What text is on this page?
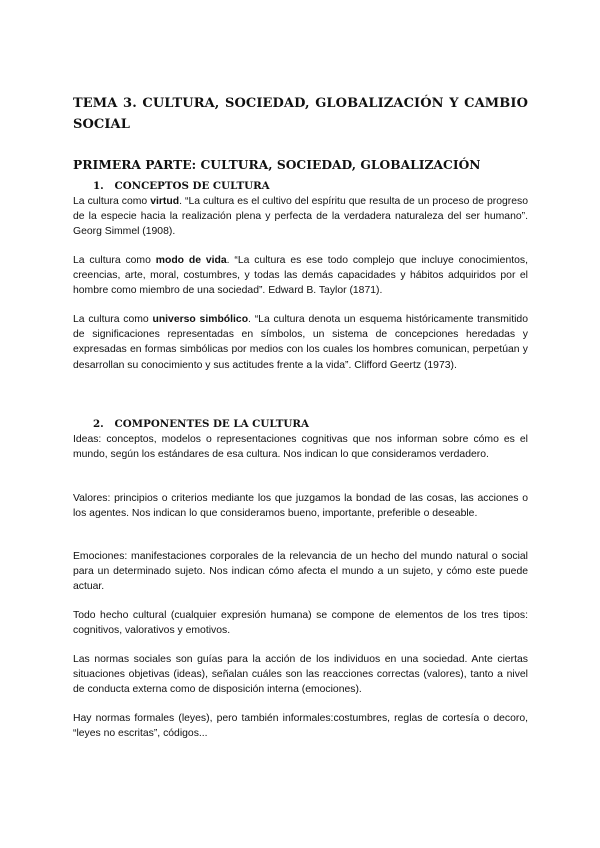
TEMA 3. CULTURA, SOCIEDAD, GLOBALIZACIÓN Y CAMBIO SOCIAL
PRIMERA PARTE: CULTURA, SOCIEDAD, GLOBALIZACIÓN
1. CONCEPTOS DE CULTURA

La cultura como virtud. “La cultura es el cultivo del espíritu que resulta de un proceso de progreso de la especie hacia la realización plena y perfecta de la verdadera naturaleza del ser humano”. Georg Simmel (1908).

La cultura como modo de vida. “La cultura es ese todo complejo que incluye conocimientos, creencias, arte, moral, costumbres, y todas las demás capacidades y hábitos adquiridos por el hombre como miembro de una sociedad”. Edward B. Taylor (1871).

La cultura como universo simbólico. “La cultura denota un esquema históricamente transmitido de significaciones representadas en símbolos, un sistema de concepciones heredadas y expresadas en formas simbólicas por medios con los cuales los hombres comunican, perpetúan y desarrollan su conocimiento y sus actitudes frente a la vida”. Clifford Geertz (1973).

2. COMPONENTES DE LA CULTURA

Ideas: conceptos, modelos o representaciones cognitivas que nos informan sobre cómo es el mundo, según los estándares de esa cultura. Nos indican lo que consideramos verdadero.

Valores: principios o criterios mediante los que juzgamos la bondad de las cosas, las acciones o los agentes. Nos indican lo que consideramos bueno, importante, preferible o deseable.

Emociones: manifestaciones corporales de la relevancia de un hecho del mundo natural o social para un determinado sujeto. Nos indican cómo afecta el mundo a un sujeto, y cómo este puede actuar.

Todo hecho cultural (cualquier expresión humana) se compone de elementos de los tres tipos: cognitivos, valorativos y emotivos.

Las normas sociales son guías para la acción de los individuos en una sociedad. Ante ciertas situaciones objetivas (ideas), señalan cuáles son las reacciones correctas (valores), tanto a nivel de conducta externa como de disposición interna (emociones).

Hay normas formales (leyes), pero también informales:costumbres, reglas de cortesía o decoro, “leyes no escritas”, códigos...
